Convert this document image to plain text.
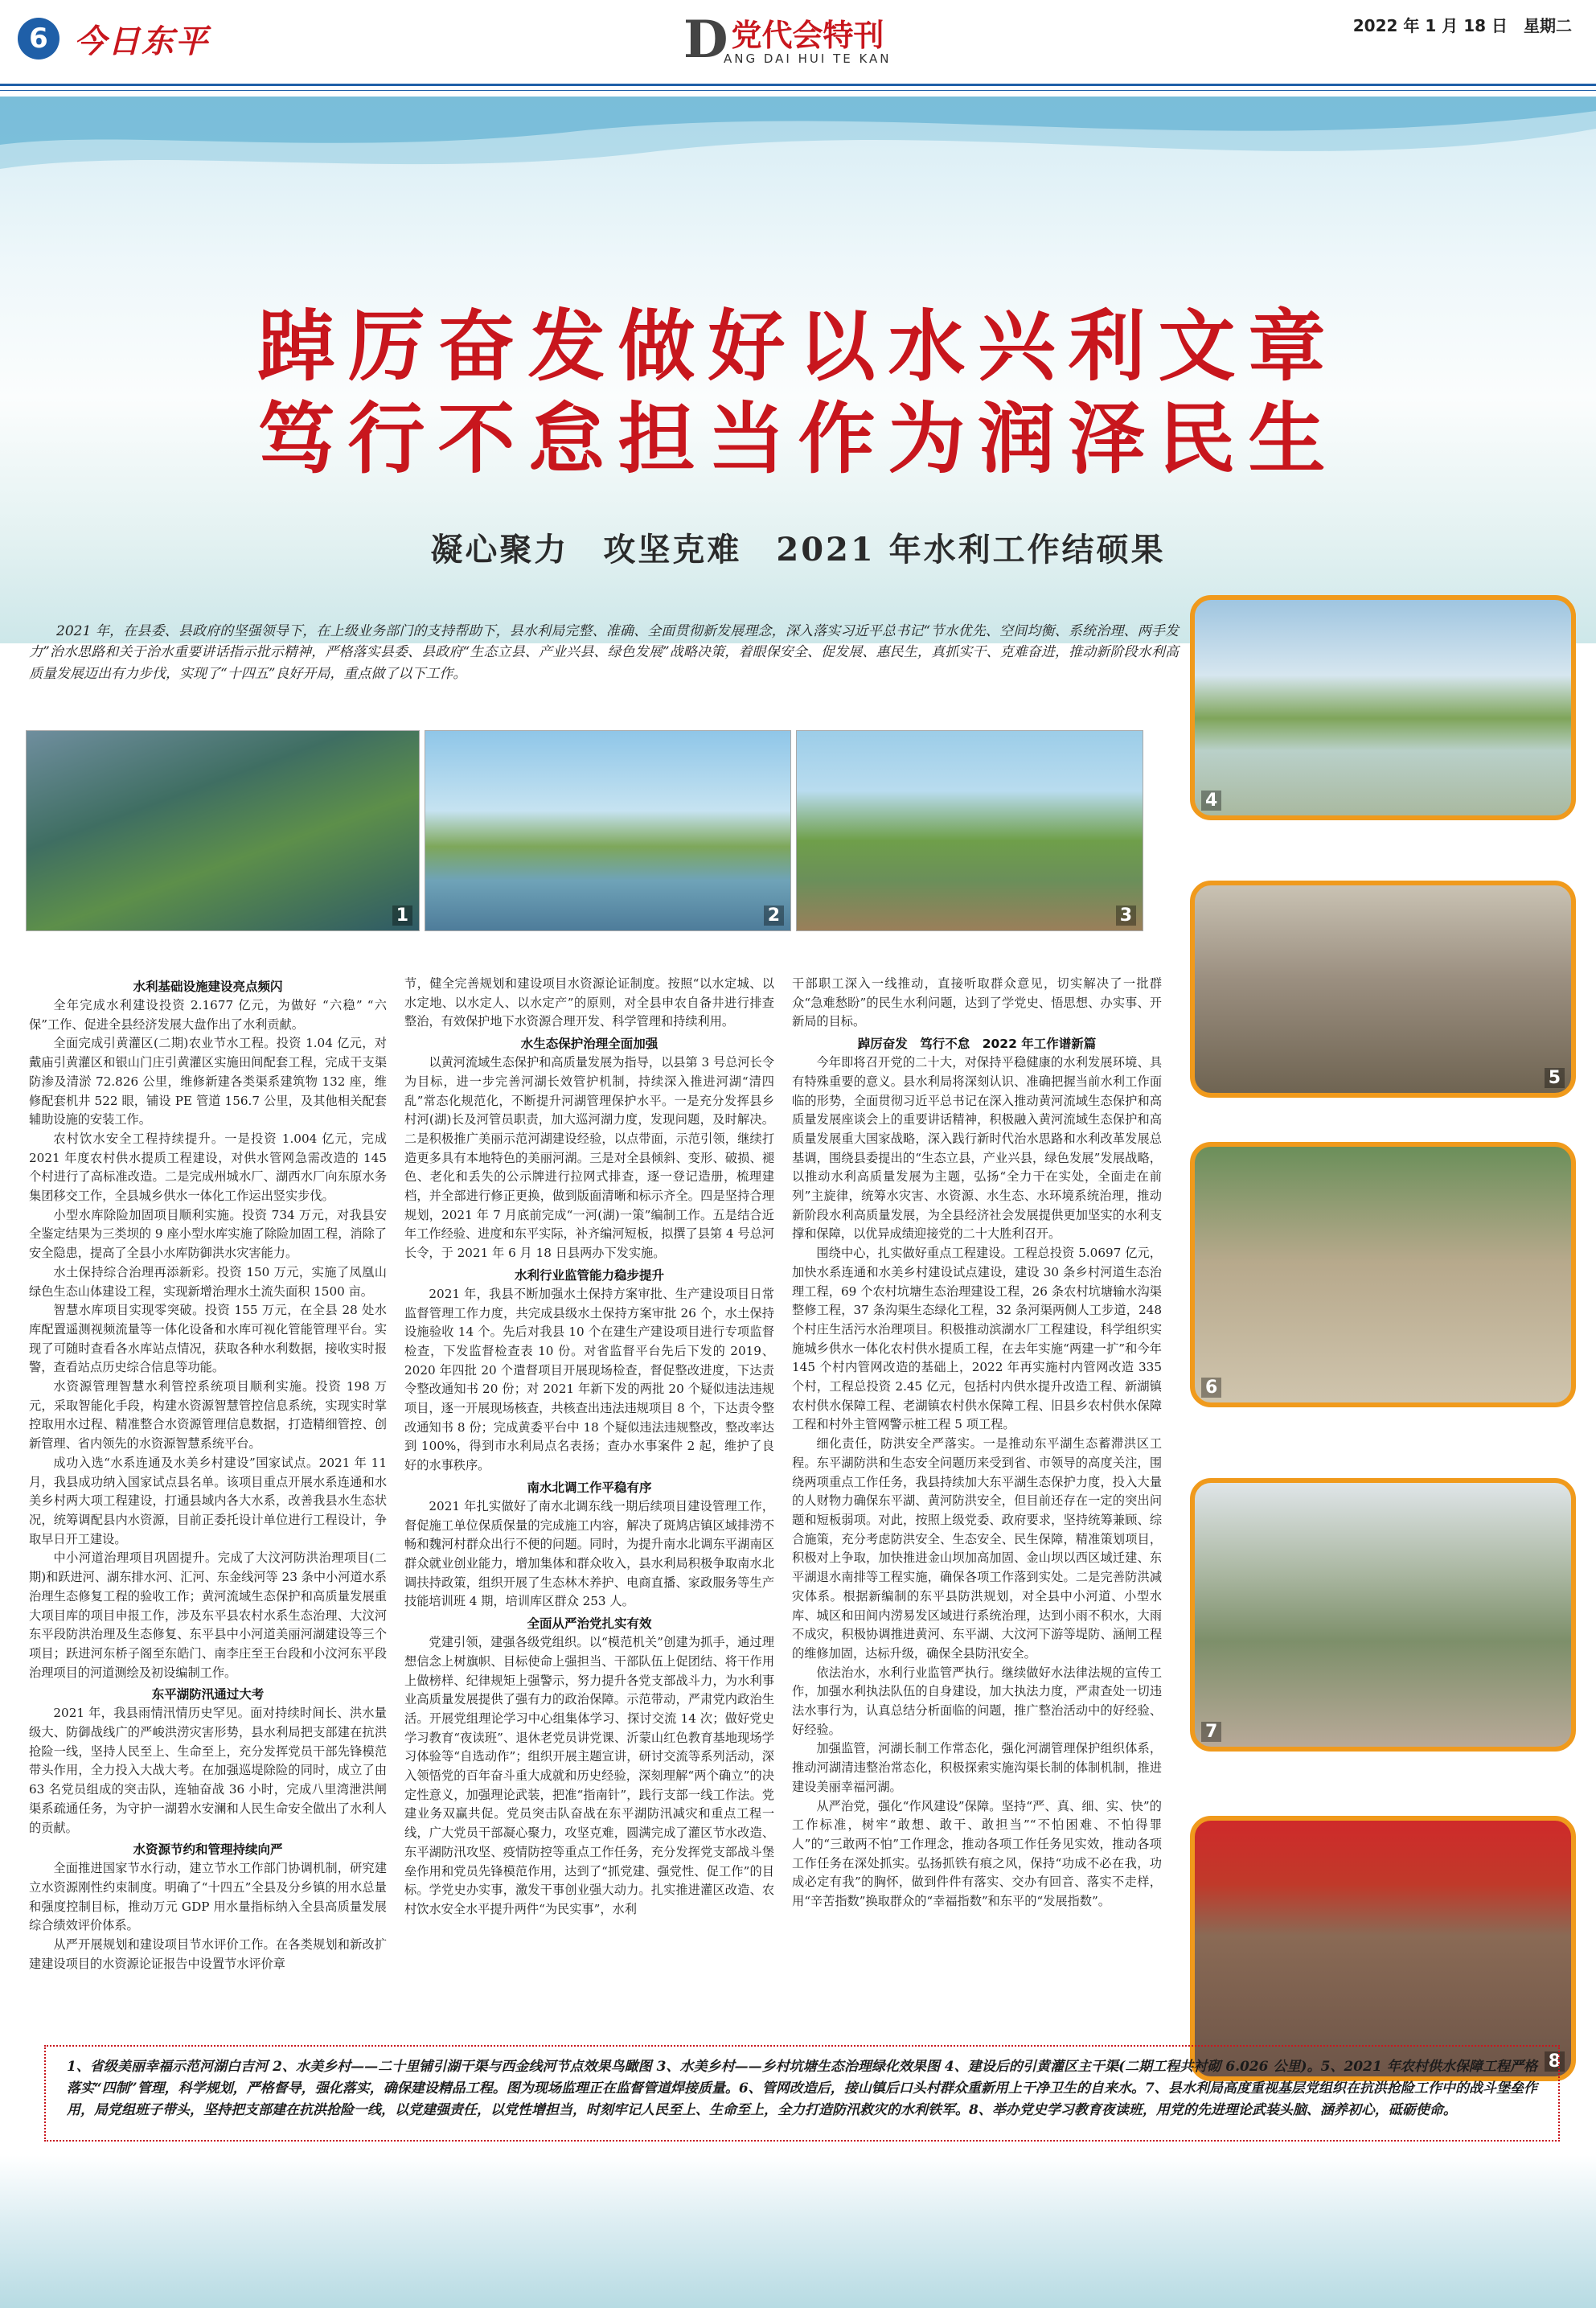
6 今日东平	D党代会特刊
ANG DAI HUI TE KAN
2022 年 1 月 18 日　星期二
踔厉奋发做好以水兴利文章
笃行不怠担当作为润泽民生
凝心聚力　攻坚克难　2021 年水利工作结硕果

2021 年，在县委、县政府的坚强领导下，在上级业务部门的支持帮助下，县水利局完整、准确、全面贯彻新发展理念，深入落实习近平总书记“节水优先、空间均衡、系统治理、两手发力”治水思路和关于治水重要讲话指示批示精神，严格落实县委、县政府“生态立县、产业兴县、绿色发展”战略决策，着眼保安全、促发展、惠民生，真抓实干、克难奋进，推动新阶段水利高质量发展迈出有力步伐，实现了“十四五”良好开局，重点做了以下工作。

1	2	3
4
5
6
7
8
水利基础设施建设亮点频闪

全年完成水利建设投资 2.1677 亿元，为做好 “六稳” “六保”工作、促进全县经济发展大盘作出了水利贡献。

全面完成引黄灌区(二期)农业节水工程。投资 1.04 亿元，对戴庙引黄灌区和银山门庄引黄灌区实施田间配套工程，完成干支渠防渗及清淤 72.826 公里，维修新建各类渠系建筑物 132 座，维修配套机井 522 眼，铺设 PE 管道 156.7 公里，及其他相关配套辅助设施的安装工作。

农村饮水安全工程持续提升。一是投资 1.004 亿元，完成 2021 年度农村供水提质工程建设，对供水管网急需改造的 145 个村进行了高标准改造。二是完成州城水厂、湖西水厂向东原水务集团移交工作，全县城乡供水一体化工作运出竖实步伐。

小型水库除险加固项目顺利实施。投资 734 万元，对我县安全鉴定结果为三类坝的 9 座小型水库实施了除险加固工程，消除了安全隐患，提高了全县小水库防御洪水灾害能力。

水土保持综合治理再添新彩。投资 150 万元，实施了凤凰山绿色生态山体建设工程，实现新增治理水土流失面积 1500 亩。

智慧水库项目实现零突破。投资 155 万元，在全县 28 处水库配置遥测视频流量等一体化设备和水库可视化管能管理平台。实现了可随时查看各水库站点情况，获取各种水利数据，接收实时报警，查看站点历史综合信息等功能。

水资源管理智慧水利管控系统项目顺利实施。投资 198 万元，采取智能化手段，构建水资源智慧管控信息系统，实现实时掌控取用水过程、精准整合水资源管理信息数据，打造精细管控、创新管理、省内领先的水资源智慧系统平台。

成功入选“水系连通及水美乡村建设”国家试点。2021 年 11 月，我县成功纳入国家试点县名单。该项目重点开展水系连通和水美乡村两大项工程建设，打通县域内各大水系，改善我县水生态状况，统筹调配县内水资源，目前正委托设计单位进行工程设计，争取早日开工建设。

中小河道治理项目巩固提升。完成了大汶河防洪治理项目(二期)和跃进河、湖东排水河、汇河、东金线河等 23 条中小河道水系治理生态修复工程的验收工作；黄河流域生态保护和高质量发展重大项目库的项目申报工作，涉及东平县农村水系生态治理、大汶河东平段防洪治理及生态修复、东平县中小河道美丽河湖建设等三个项目；跃进河东桥子阁至东皓门、南李庄至王台段和小汶河东平段治理项目的河道测绘及初设编制工作。

东平湖防汛通过大考

2021 年，我县雨情汛情历史罕见。面对持续时间长、洪水量级大、防御战线广的严峻洪涝灾害形势，县水利局把支部建在抗洪抢险一线，坚持人民至上、生命至上，充分发挥党员干部先锋模范带头作用，全力投入大战大考。在加强巡堤除险的同时，成立了由 63 名党员组成的突击队，连轴奋战 36 小时，完成八里湾泄洪闸渠系疏通任务，为守护一湖碧水安澜和人民生命安全做出了水利人的贡献。

水资源节约和管理持续向严

全面推进国家节水行动，建立节水工作部门协调机制，研究建立水资源刚性约束制度。明确了“十四五”全县及分乡镇的用水总量和强度控制目标，推动万元 GDP 用水量指标纳入全县高质量发展综合绩效评价体系。

从严开展规划和建设项目节水评价工作。在各类规划和新改扩建建设项目的水资源论证报告中设置节水评价章

节，健全完善规划和建设项目水资源论证制度。按照“以水定城、以水定地、以水定人、以水定产”的原则，对全县申农自备井进行排查整治，有效保护地下水资源合理开发、科学管理和持续利用。

水生态保护治理全面加强

以黄河流域生态保护和高质量发展为指导，以县第 3 号总河长令为目标，进一步完善河湖长效管护机制，持续深入推进河湖“清四乱”常态化规范化，不断提升河湖管理保护水平。一是充分发挥县乡村河(湖)长及河管员职责，加大巡河湖力度，发现问题，及时解决。二是积极推广美丽示范河湖建设经验，以点带面，示范引领，继续打造更多具有本地特色的美丽河湖。三是对全县倾斜、变形、破损、褪色、老化和丢失的公示牌进行拉网式排查，逐一登记造册，梳理建档，并全部进行修正更换，做到版面清晰和标示齐全。四是坚持合理规划，2021 年 7 月底前完成“一河(湖)一策”编制工作。五是结合近年工作经验、进度和东平实际，补齐编河短板，拟撰了县第 4 号总河长令，于 2021 年 6 月 18 日县两办下发实施。

水利行业监管能力稳步提升

2021 年，我县不断加强水土保持方案审批、生产建设项目日常监督管理工作力度，共完成县级水土保持方案审批 26 个，水土保持设施验收 14 个。先后对我县 10 个在建生产建设项目进行专项监督检查，下发监督检查表 10 份。对省监督平台先后下发的 2019、2020 年四批 20 个遣督项目开展现场检查，督促整改进度，下达责令整改通知书 20 份；对 2021 年新下发的两批 20 个疑似违法违规项目，逐一开展现场核查，共核查出违法违规项目 8 个，下达责令整改通知书 8 份；完成黄委平台中 18 个疑似违法违规整改，整改率达到 100%，得到市水利局点名表扬；查办水事案件 2 起，维护了良好的水事秩序。

南水北调工作平稳有序

2021 年扎实做好了南水北调东线一期后续项目建设管理工作，督促施工单位保质保量的完成施工内容，解决了斑鸠店镇区域排涝不畅和魏河村群众出行不便的问题。同时，为提升南水北调东平湖南区群众就业创业能力，增加集体和群众收入，县水利局积极争取南水北调扶持政策，组织开展了生态林木养护、电商直播、家政服务等生产技能培训班 4 期，培训库区群众 253 人。

全面从严治党扎实有效

党建引领，建强各级党组织。以“模范机关”创建为抓手，通过理想信念上树旗帜、目标使命上强担当、干部队伍上促团结、将干作用上做榜样、纪律规矩上强警示，努力提升各党支部战斗力，为水利事业高质量发展提供了强有力的政治保障。示范带动，严肃党内政治生活。开展党组理论学习中心组集体学习、探讨交流 14 次；做好党史学习教育“夜读班”、退休老党员讲党课、沂蒙山红色教育基地现场学习体验等“自选动作”；组织开展主题宣讲，研讨交流等系列活动，深入领悟党的百年奋斗重大成就和历史经验，深刻理解“两个确立”的决定性意义，加强理论武装，把准“指南针”，践行支部一线工作法。党建业务双赢共促。党员突击队奋战在东平湖防汛减灾和重点工程一线，广大党员干部凝心聚力，攻坚克难，圆满完成了灌区节水改造、东平湖防汛攻坚、疫情防控等重点工作任务，充分发挥党支部战斗堡垒作用和党员先锋模范作用，达到了“抓党建、强党性、促工作”的目标。学党史办实事，激发干事创业强大动力。扎实推进灌区改造、农村饮水安全水平提升两件“为民实事”，水利

干部职工深入一线推动，直接听取群众意见，切实解决了一批群众“急难愁盼”的民生水利问题，达到了学党史、悟思想、办实事、开新局的目标。

踔厉奋发　笃行不怠　2022 年工作谱新篇

今年即将召开党的二十大，对保持平稳健康的水利发展环境、具有特殊重要的意义。县水利局将深刻认识、准确把握当前水利工作面临的形势，全面贯彻习近平总书记在深入推动黄河流域生态保护和高质量发展座谈会上的重要讲话精神，积极融入黄河流域生态保护和高质量发展重大国家战略，深入践行新时代治水思路和水利改革发展总基调，围绕县委提出的“生态立县，产业兴县，绿色发展”发展战略，以推动水利高质量发展为主题，弘扬“全力干在实处，全面走在前列”主旋律，统筹水灾害、水资源、水生态、水环境系统治理，推动新阶段水利高质量发展，为全县经济社会发展提供更加坚实的水利支撑和保障，以优异成绩迎接党的二十大胜利召开。

围绕中心，扎实做好重点工程建设。工程总投资 5.0697 亿元，加快水系连通和水美乡村建设试点建设，建设 30 条乡村河道生态治理工程，69 个农村坑塘生态治理建设工程，26 条农村坑塘输水沟渠整修工程，37 条沟渠生态绿化工程，32 条河渠两侧人工步道，248 个村庄生活污水治理项目。积极推动滨湖水厂工程建设，科学组织实施城乡供水一体化农村供水提质工程，在去年实施“两建一扩”和今年 145 个村内管网改造的基础上，2022 年再实施村内管网改造 335 个村，工程总投资 2.45 亿元，包括村内供水提升改造工程、新湖镇农村供水保障工程、老湖镇农村供水保障工程、旧县乡农村供水保障工程和村外主管网警示桩工程 5 项工程。

细化责任，防洪安全严落实。一是推动东平湖生态蓄滞洪区工程。东平湖防洪和生态安全问题历来受到省、市领导的高度关注，围绕两项重点工作任务，我县持续加大东平湖生态保护力度，投入大量的人财物力确保东平湖、黄河防洪安全，但目前还存在一定的突出问题和短板弱项。对此，按照上级党委、政府要求，坚持统筹兼顾、综合施策，充分考虑防洪安全、生态安全、民生保障，精准策划项目，积极对上争取，加快推进金山坝加高加固、金山坝以西区域迁建、东平湖退水南排等工程实施，确保各项工作落到实处。二是完善防洪减灾体系。根据新编制的东平县防洪规划，对全县中小河道、小型水库、城区和田间内涝易发区域进行系统治理，达到小雨不积水，大雨不成灾，积极协调推进黄河、东平湖、大汶河下游等堤防、涵闸工程的维修加固，达标升级，确保全县防汛安全。

依法治水，水利行业监管严执行。继续做好水法律法规的宣传工作，加强水利执法队伍的自身建设，加大执法力度，严肃查处一切违法水事行为，认真总结分析面临的问题，推广整治活动中的好经验、好经验。

加强监管，河湖长制工作常态化，强化河湖管理保护组织体系，推动河湖清违整治常态化，积极探索实施沟渠长制的体制机制，推进建设美丽幸福河湖。

从严治党，强化“作风建设”保障。坚持“严、真、细、实、快”的工作标准，树牢“敢想、敢干、敢担当”“不怕困难、不怕得罪人”的“三敢两不怕”工作理念，推动各项工作任务见实效，推动各项工作任务在深处抓实。弘扬抓铁有痕之风，保持“功成不必在我，功成必定有我”的胸怀，做到件件有落实、交办有回音、落实不走样，用“辛苦指数”换取群众的“幸福指数”和东平的“发展指数”。

1、省级美丽幸福示范河湖白吉河 2、水美乡村——二十里铺引湖干渠与西金线河节点效果鸟瞰图 3、水美乡村——乡村坑塘生态治理绿化效果图 4、建设后的引黄灌区主干渠(二期工程共衬砌 6.026 公里)。5、2021 年农村供水保障工程严格落实“四制”管理，科学规划，严格督导，强化落实，确保建设精品工程。图为现场监理正在监督管道焊接质量。6、管网改造后，接山镇后口头村群众重新用上干净卫生的自来水。7、县水利局高度重视基层党组织在抗洪抢险工作中的战斗堡垒作用，局党组班子带头，坚持把支部建在抗洪抢险一线，以党建强责任，以党性增担当，时刻牢记人民至上、生命至上，全力打造防汛救灾的水利铁军。8、举办党史学习教育夜读班，用党的先进理论武装头脑、涵养初心，砥砺使命。
